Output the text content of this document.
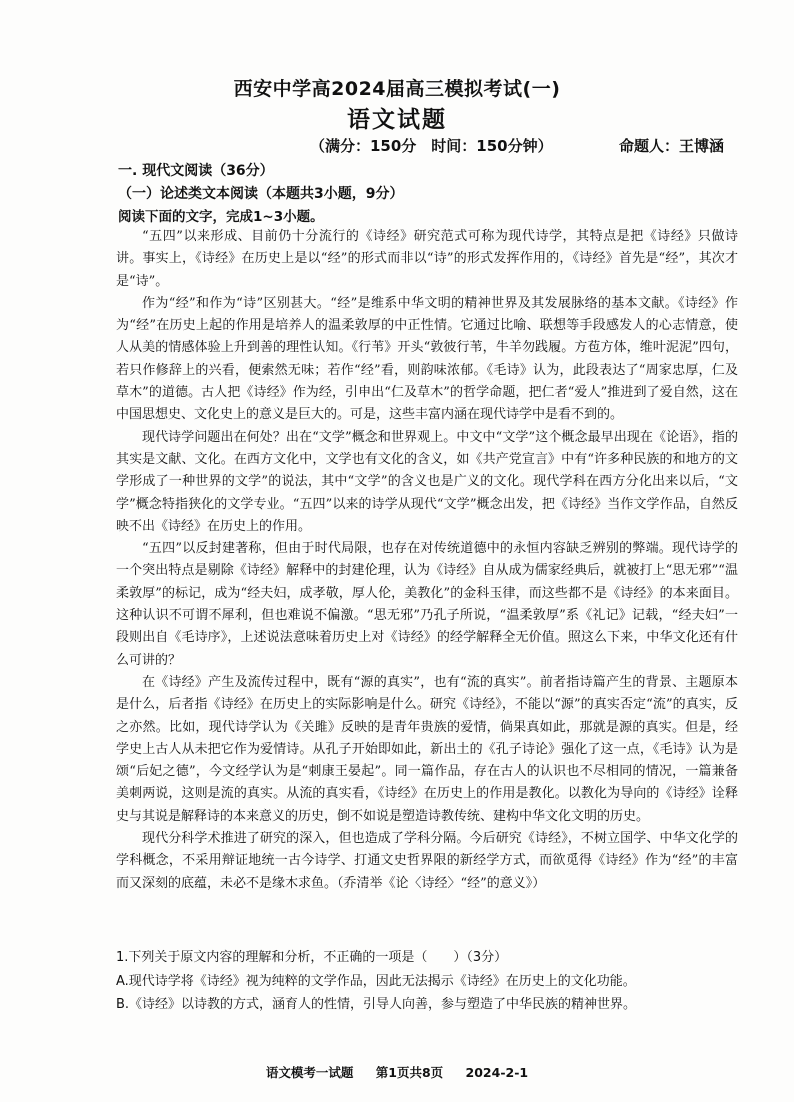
西安中学高2024届高三模拟考试(一)
语文试题
（满分：150分　时间：150分钟）	命题人：王博涵
一. 现代文阅读（36分）
（一）论述类文本阅读（本题共3小题，9分）
阅读下面的文字，完成1~3小题。

“五四”以来形成、目前仍十分流行的《诗经》研究范式可称为现代诗学，其特点是把《诗经》只做诗讲。事实上，《诗经》在历史上是以“经”的形式而非以“诗”的形式发挥作用的，《诗经》首先是“经”，其次才是“诗”。

作为“经”和作为“诗”区别甚大。“经”是维系中华文明的精神世界及其发展脉络的基本文献。《诗经》作为“经”在历史上起的作用是培养人的温柔敦厚的中正性情。它通过比喻、联想等手段感发人的心志情意，使人从美的情感体验上升到善的理性认知。《行苇》开头“敦彼行苇，牛羊勿践履。方苞方体，维叶泥泥”四句，若只作修辞上的兴看，便索然无味；若作“经”看，则韵味浓郁。《毛诗》认为，此段表达了“周家忠厚，仁及草木”的道德。古人把《诗经》作为经，引申出“仁及草木”的哲学命题，把仁者“爱人”推进到了爱自然，这在中国思想史、文化史上的意义是巨大的。可是，这些丰富内涵在现代诗学中是看不到的。

现代诗学问题出在何处？出在“文学”概念和世界观上。中文中“文学”这个概念最早出现在《论语》，指的其实是文献、文化。在西方文化中，文学也有文化的含义，如《共产党宣言》中有“许多种民族的和地方的文学形成了一种世界的文学”的说法，其中“文学”的含义也是广义的文化。现代学科在西方分化出来以后，“文学”概念特指狭化的文学专业。“五四”以来的诗学从现代“文学”概念出发，把《诗经》当作文学作品，自然反映不出《诗经》在历史上的作用。

“五四”以反封建著称，但由于时代局限，也存在对传统道德中的永恒内容缺乏辨别的弊端。现代诗学的一个突出特点是剔除《诗经》解释中的封建伦理，认为《诗经》自从成为儒家经典后，就被打上“思无邪”“温柔敦厚”的标记，成为“经夫妇，成孝敬，厚人伦，美教化”的金科玉律，而这些都不是《诗经》的本来面目。这种认识不可谓不犀利，但也难说不偏激。“思无邪”乃孔子所说，“温柔敦厚”系《礼记》记载，“经夫妇”一段则出自《毛诗序》，上述说法意味着历史上对《诗经》的经学解释全无价值。照这么下来，中华文化还有什么可讲的？

在《诗经》产生及流传过程中，既有“源的真实”，也有“流的真实”。前者指诗篇产生的背景、主题原本是什么，后者指《诗经》在历史上的实际影响是什么。研究《诗经》，不能以“源”的真实否定“流”的真实，反之亦然。比如，现代诗学认为《关雎》反映的是青年贵族的爱情，倘果真如此，那就是源的真实。但是，经学史上古人从未把它作为爱情诗。从孔子开始即如此，新出土的《孔子诗论》强化了这一点，《毛诗》认为是颂“后妃之德”，今文经学认为是“刺康王晏起”。同一篇作品，存在古人的认识也不尽相同的情况，一篇兼备美刺两说，这则是流的真实。从流的真实看，《诗经》在历史上的作用是教化。以教化为导向的《诗经》诠释史与其说是解释诗的本来意义的历史，倒不如说是塑造诗教传统、建构中华文化文明的历史。

现代分科学术推进了研究的深入，但也造成了学科分隔。今后研究《诗经》，不树立国学、中华文化学的学科概念，不采用辩证地统一古今诗学、打通文史哲界限的新经学方式，而欲觅得《诗经》作为“经”的丰富而又深刻的底蕴，未必不是缘木求鱼。（乔清举《论〈诗经〉“经”的意义》）

1.下列关于原文内容的理解和分析，不正确的一项是（　　）（3分）
A.现代诗学将《诗经》视为纯粹的文学作品，因此无法揭示《诗经》在历史上的文化功能。
B.《诗经》以诗教的方式，涵育人的性情，引导人向善，参与塑造了中华民族的精神世界。
语文模考一试题 第1页共8页 2024-2-1
